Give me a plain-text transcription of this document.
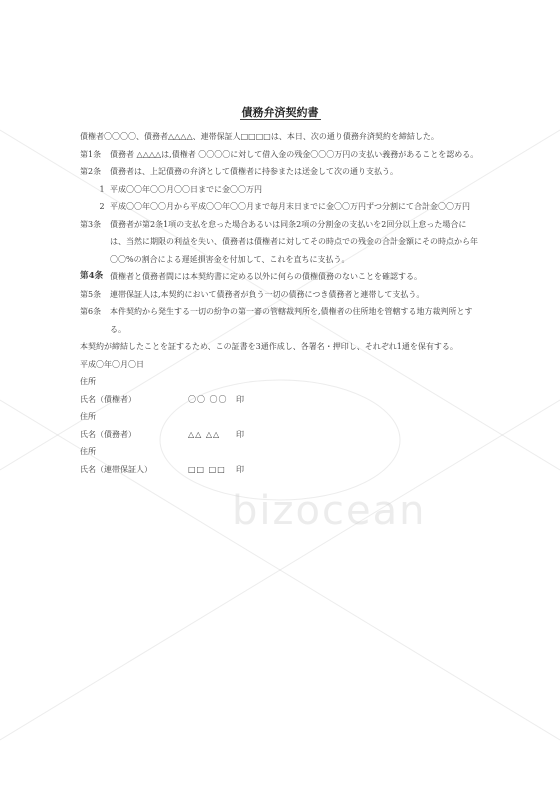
債務弁済契約書

債権者〇〇〇〇、債務者△△△△、連帯保証人□□□□は、本日、次の通り債務弁済契約を締結した。

第1条	債務者 △△△△は,債権者 〇〇〇〇に対して借入金の残金〇〇〇万円の支払い義務があることを認める。
第2条	債務者は、上記債務の弁済として債権者に持参または送金して次の通り支払う。
1 平成〇〇年〇〇月〇〇日までに金〇〇万円
2 平成〇〇年〇〇月から平成〇〇年〇〇月まで毎月末日までに金〇〇万円ずつ分割にて合計金〇〇万円
第3条	債務者が第2条1項の支払を怠った場合あるいは同条2項の分割金の支払いを2回分以上怠った場合には、当然に期限の利益を失い、債務者は債権者に対してその時点での残金の合計金額にその時点から年〇〇%の割合による遅延損害金を付加して、これを直ちに支払う。
第4条 債権者と債務者間には本契約書に定める以外に何らの債権債務のないことを確認する。
第5条	連帯保証人は,本契約において債務者が負う一切の債務につき債務者と連帯して支払う。
第6条	本件契約から発生する一切の紛争の第一審の管轄裁判所を,債権者の住所地を管轄する地方裁判所とする。

本契約が締結したことを証するため、この証書を3通作成し、各署名・押印し、それぞれ1通を保有する。

平成〇年〇月〇日

住所

氏名（債権者）	〇〇 〇〇	印

住所

氏名（債務者）	△△ △△	印

住所

氏名（連帯保証人）	□□ □□	印
bizocean
